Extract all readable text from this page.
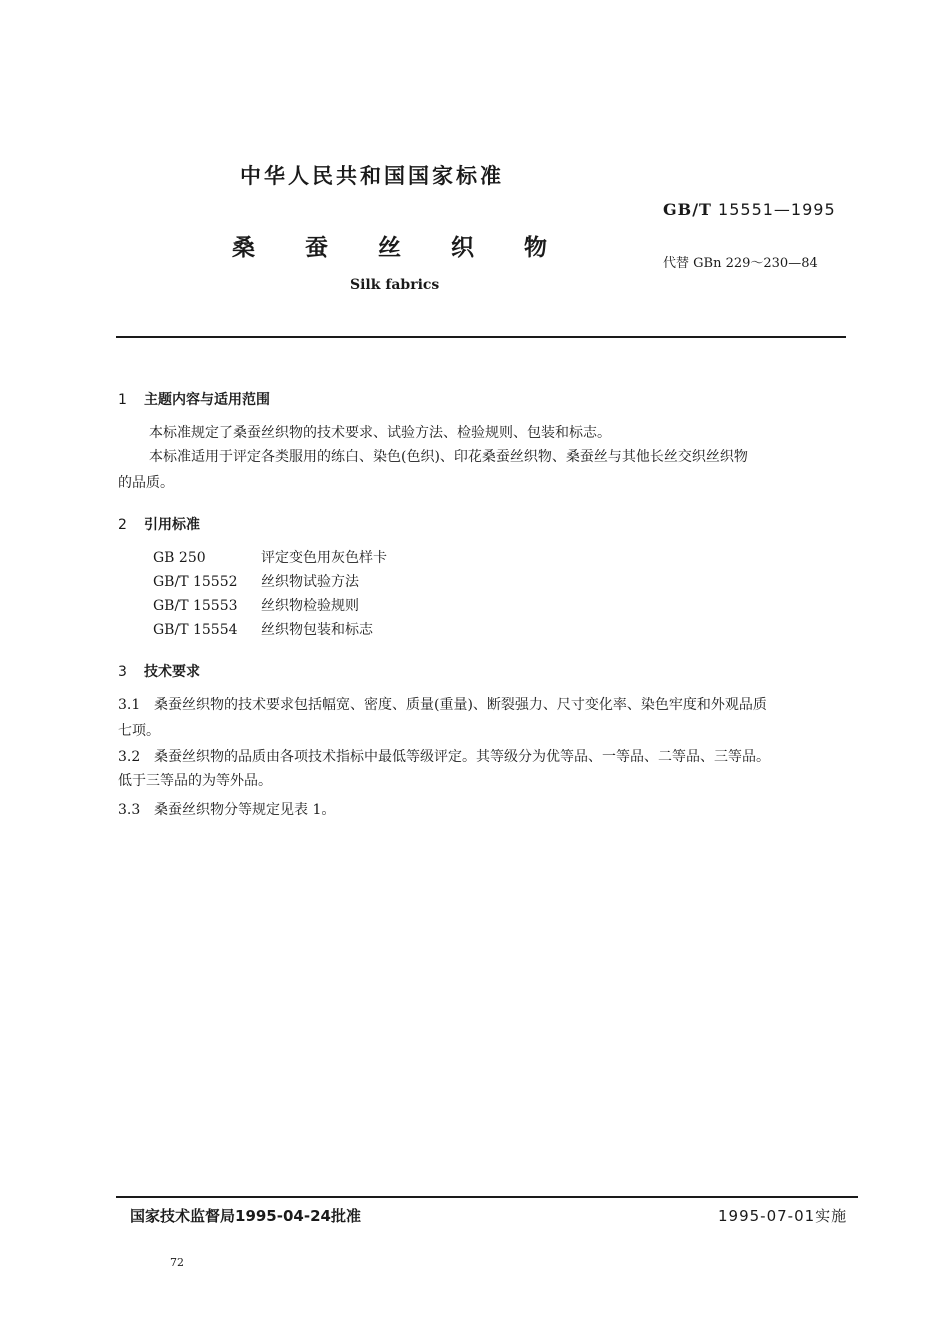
中华人民共和国国家标准
GB/T 15551—1995
桑蚕丝织物
代替 GBn 229～230—84
Silk fabrics
1 主题内容与适用范围
本标准规定了桑蚕丝织物的技术要求、试验方法、检验规则、包装和标志。
本标准适用于评定各类服用的练白、染色(色织)、印花桑蚕丝织物、桑蚕丝与其他长丝交织丝织物
的品质。
2 引用标准
GB 250	评定变色用灰色样卡
GB/T 15552 丝织物试验方法
GB/T 15553 丝织物检验规则
GB/T 15554 丝织物包装和标志
3 技术要求
3.1 桑蚕丝织物的技术要求包括幅宽、密度、质量(重量)、断裂强力、尺寸变化率、染色牢度和外观品质
七项。
3.2 桑蚕丝织物的品质由各项技术指标中最低等级评定。其等级分为优等品、一等品、二等品、三等品。
低于三等品的为等外品。
3.3 桑蚕丝织物分等规定见表 1。
国家技术监督局1995-04-24批准	1995-07-01实施
72
